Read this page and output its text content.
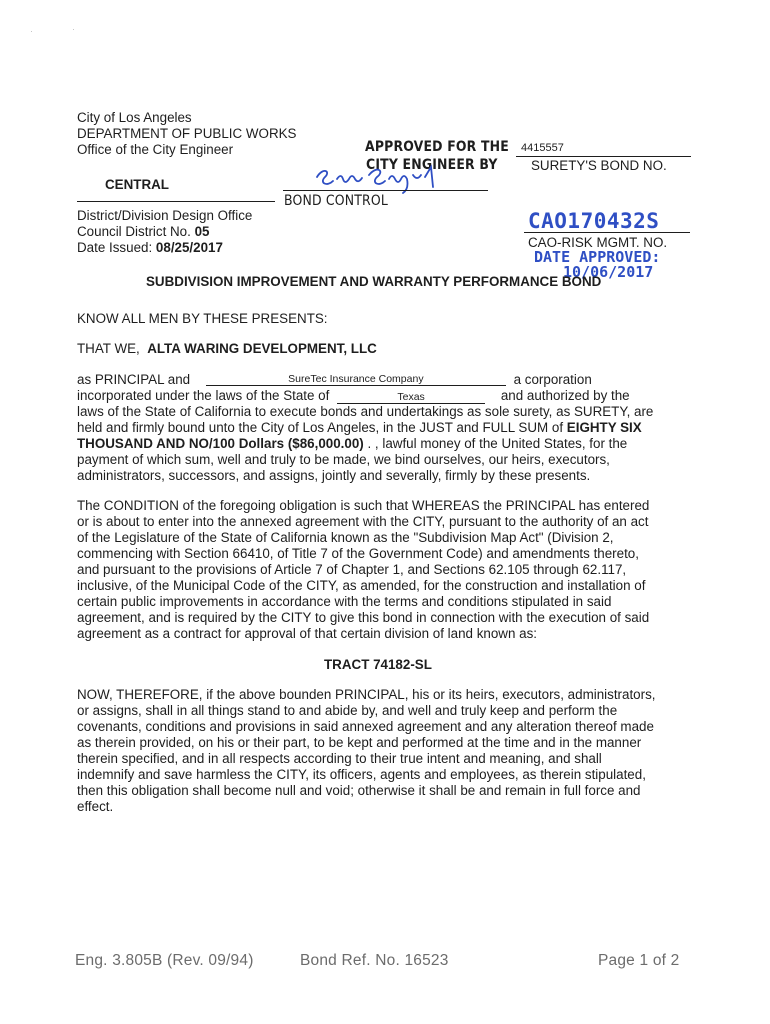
·	·
City of Los Angeles
DEPARTMENT OF PUBLIC WORKS
Office of the City Engineer
CENTRAL
District/Division Design Office
Council District No. 05
Date Issued: 08/25/2017
APPROVED FOR THE
CITY ENGINEER BY
BOND CONTROL
4415557
SURETY'S BOND NO.
CAO170432S
CAO-RISK MGMT. NO.
DATE APPROVED:
10/06/2017
SUBDIVISION IMPROVEMENT AND WARRANTY PERFORMANCE BOND
KNOW ALL MEN BY THESE PRESENTS:
THAT WE, ALTA WARING DEVELOPMENT, LLC
as PRINCIPAL and	SureTec Insurance Company	a corporation
incorporated under the laws of the State of	Texas	and authorized by the
laws of the State of California to execute bonds and undertakings as sole surety, as SURETY, are
held and firmly bound unto the City of Los Angeles, in the JUST and FULL SUM of EIGHTY SIX
THOUSAND AND NO/100 Dollars ($86,000.00) . , lawful money of the United States, for the
payment of which sum, well and truly to be made, we bind ourselves, our heirs, executors,
administrators, successors, and assigns, jointly and severally, firmly by these presents.
The CONDITION of the foregoing obligation is such that WHEREAS the PRINCIPAL has entered
or is about to enter into the annexed agreement with the CITY, pursuant to the authority of an act
of the Legislature of the State of California known as the "Subdivision Map Act" (Division 2,
commencing with Section 66410, of Title 7 of the Government Code) and amendments thereto,
and pursuant to the provisions of Article 7 of Chapter 1, and Sections 62.105 through 62.117,
inclusive, of the Municipal Code of the CITY, as amended, for the construction and installation of
certain public improvements in accordance with the terms and conditions stipulated in said
agreement, and is required by the CITY to give this bond in connection with the execution of said
agreement as a contract for approval of that certain division of land known as:
TRACT 74182-SL
NOW, THEREFORE, if the above bounden PRINCIPAL, his or its heirs, executors, administrators,
or assigns, shall in all things stand to and abide by, and well and truly keep and perform the
covenants, conditions and provisions in said annexed agreement and any alteration thereof made
as therein provided, on his or their part, to be kept and performed at the time and in the manner
therein specified, and in all respects according to their true intent and meaning, and shall
indemnify and save harmless the CITY, its officers, agents and employees, as therein stipulated,
then this obligation shall become null and void; otherwise it shall be and remain in full force and
effect.
Eng. 3.805B (Rev. 09/94)	Bond Ref. No. 16523	Page 1 of 2
